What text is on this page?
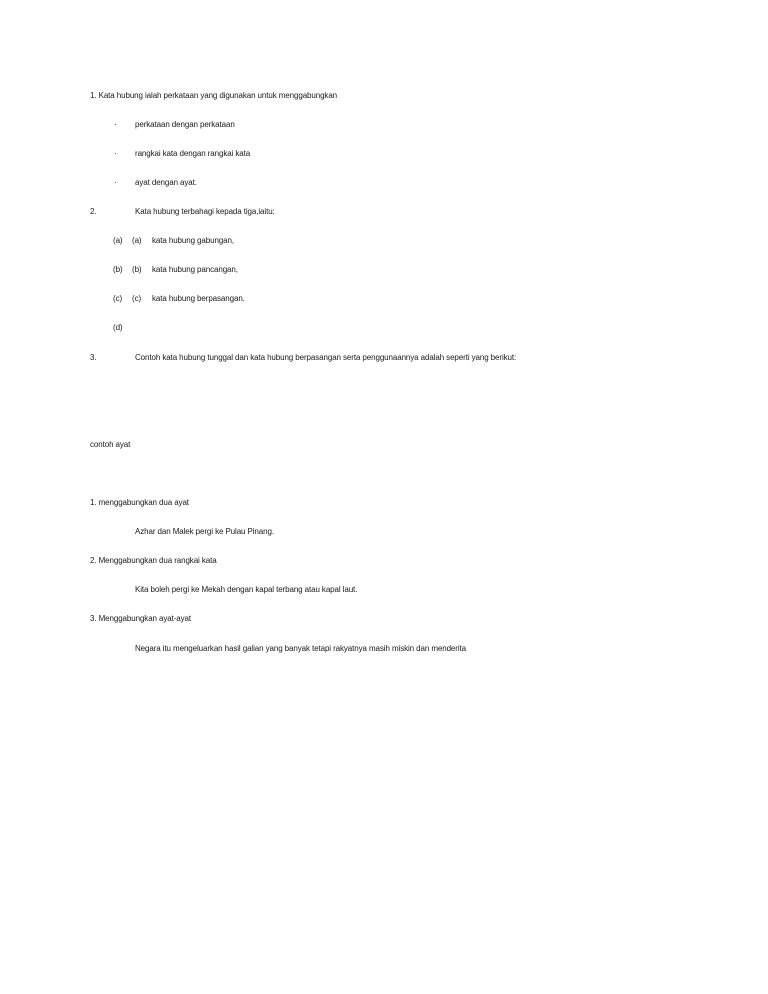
1. Kata hubung ialah perkataan yang digunakan untuk menggabungkan
· perkataan dengan perkataan
· rangkai kata dengan rangkai kata
· ayat dengan ayat.
2.	Kata hubung terbahagi kepada tiga,iaitu:
(a) (a) kata hubung gabungan,
(b) (b) kata hubung pancangan,
(c) (c) kata hubung berpasangan.
(d)
3.	Contoh kata hubung tunggal dan kata hubung berpasangan serta penggunaannya adalah seperti yang berikut:
contoh ayat
1. menggabungkan dua ayat
Azhar dan Malek pergi ke Pulau Pinang.
2. Menggabungkan dua rangkai kata
Kita boleh pergi ke Mekah dengan kapal terbang atau kapal laut.
3. Menggabungkan ayat-ayat
Negara itu mengeluarkan hasil galian yang banyak tetapi rakyatnya masih miskin dan menderita
